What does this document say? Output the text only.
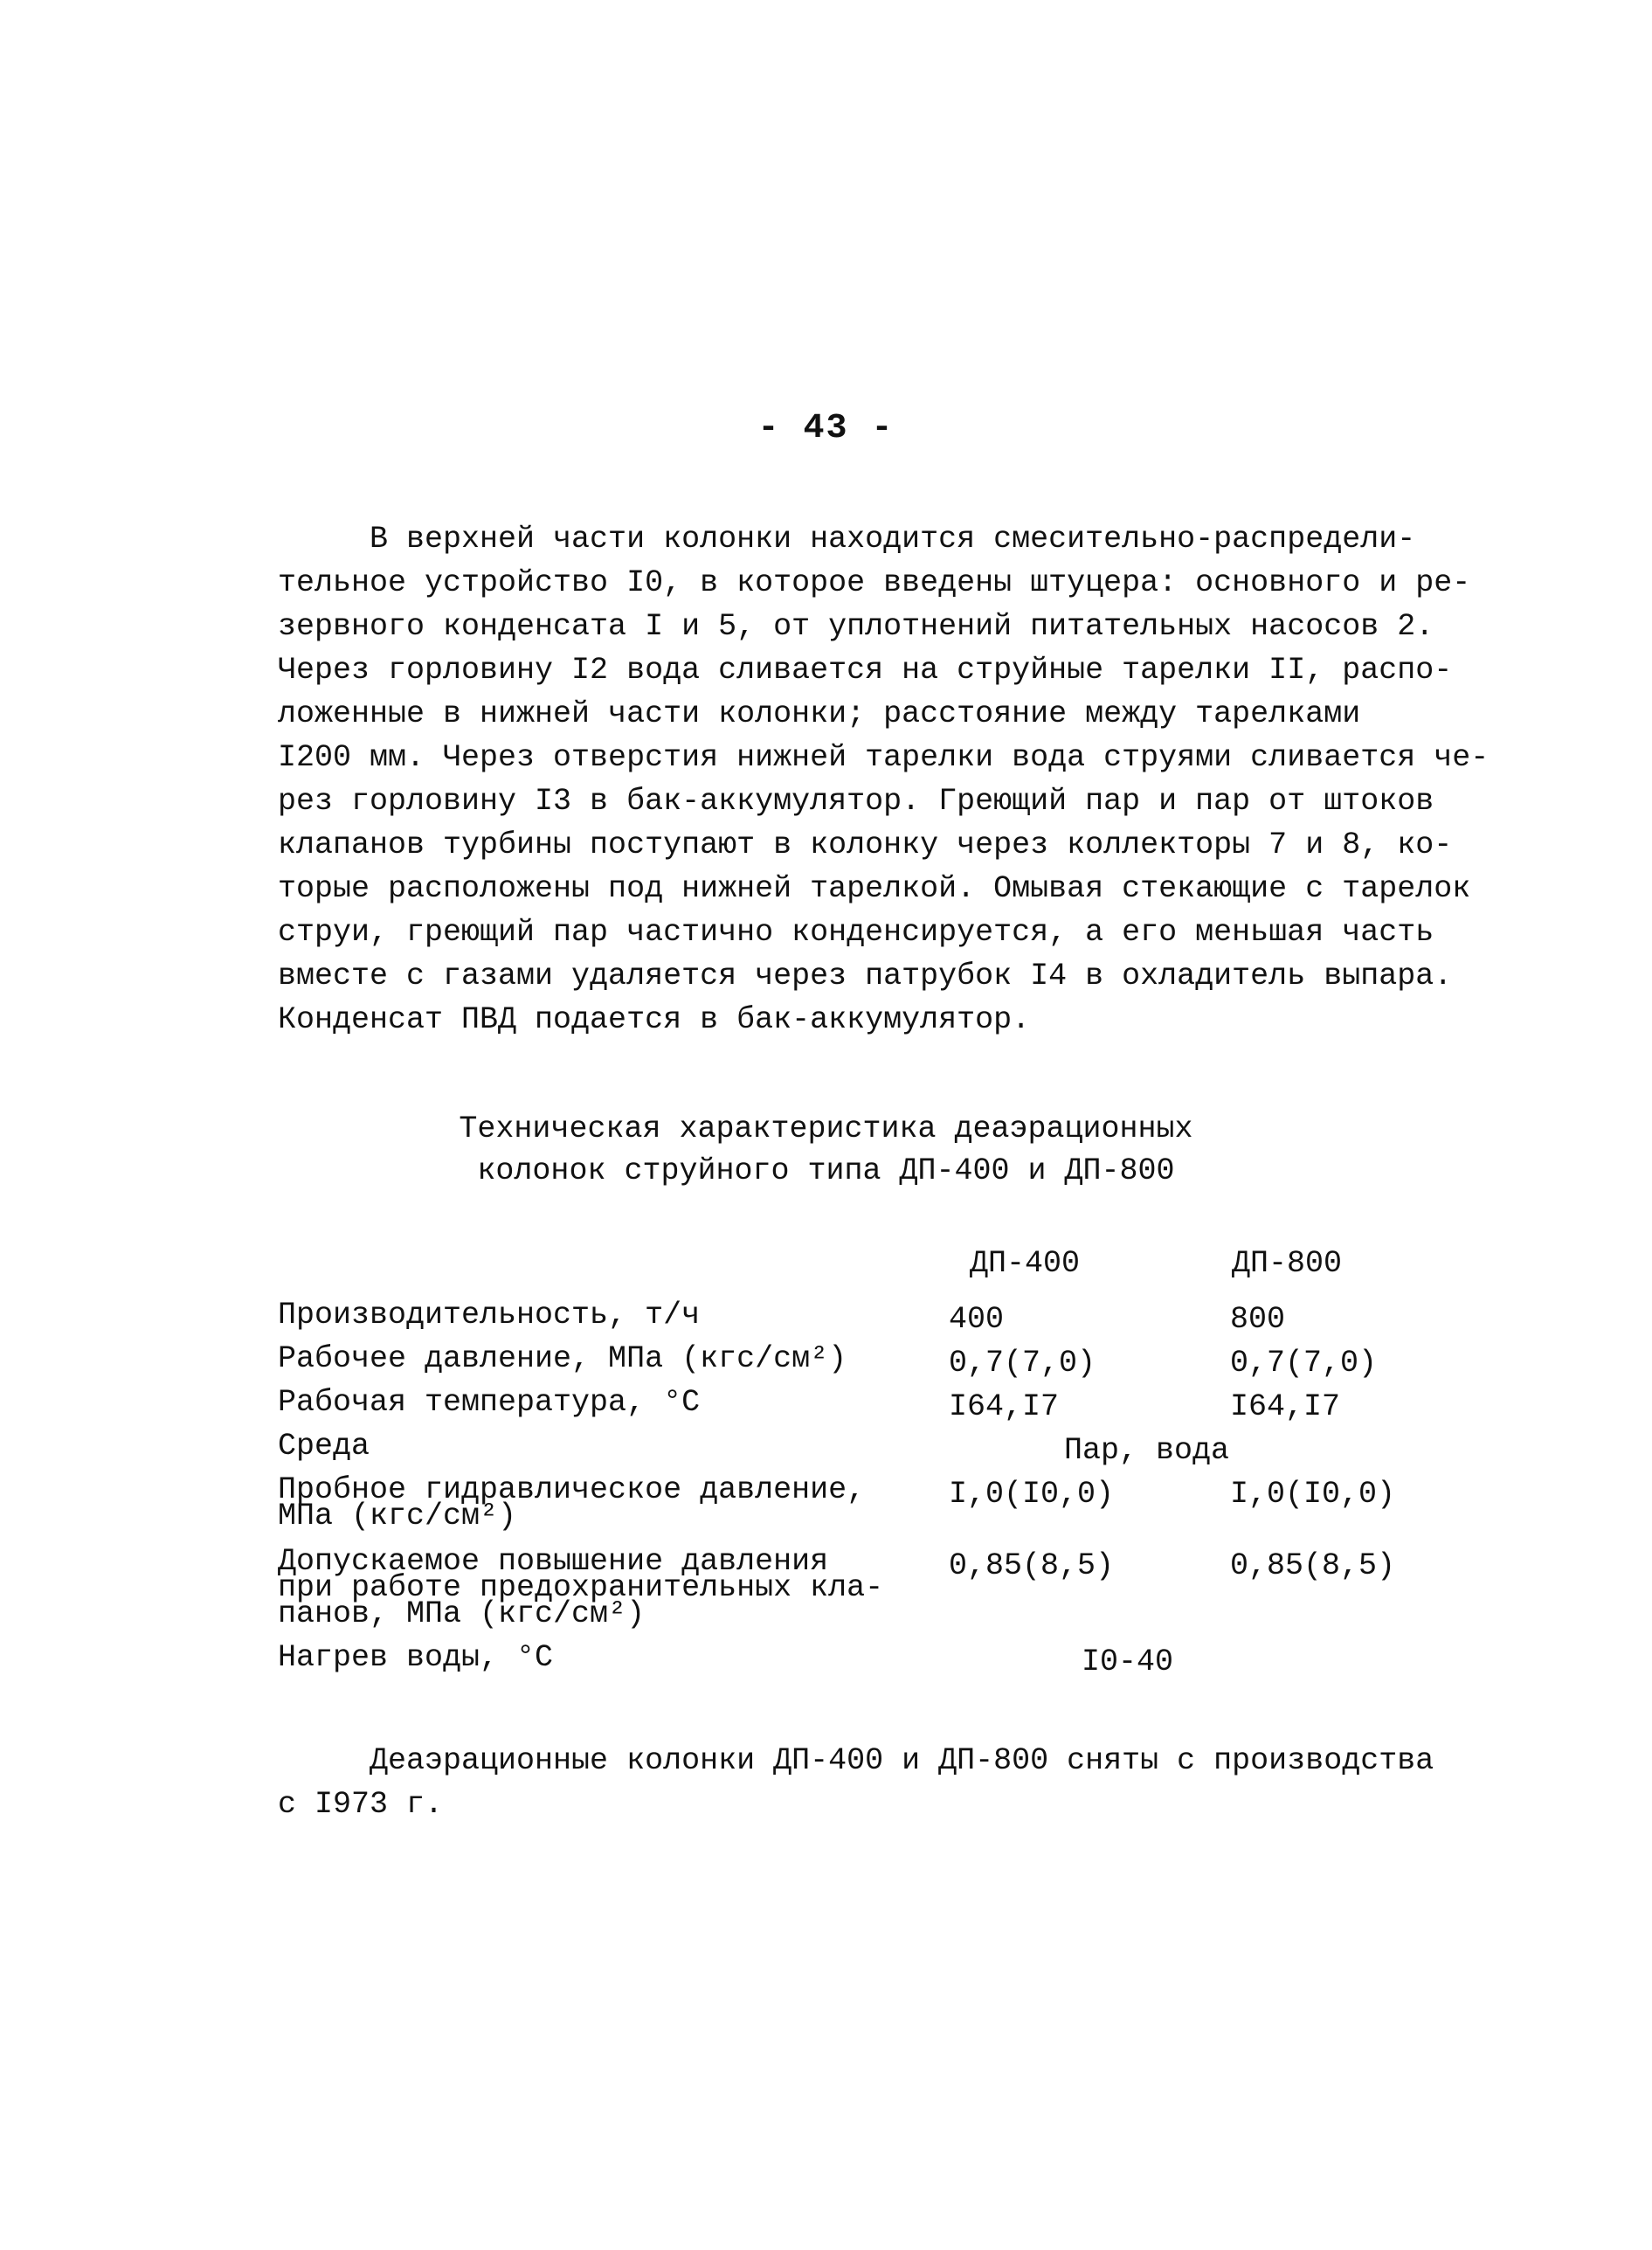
- 43 -
В верхней части колонки находится смесительно-распредели-
тельное устройство I0, в которое введены штуцера: основного и ре-
зервного конденсата I и 5, от уплотнений питательных насосов 2.
Через горловину I2 вода сливается на струйные тарелки II, распо-
ложенные в нижней части колонки; расстояние между тарелками
I200 мм. Через отверстия нижней тарелки вода струями сливается че-
рез горловину I3 в бак-аккумулятор. Греющий пар и пар от штоков
клапанов турбины поступают в колонку через коллекторы 7 и 8, ко-
торые расположены под нижней тарелкой. Омывая стекающие с тарелок
струи, греющий пар частично конденсируется, а его меньшая часть
вместе с газами удаляется через патрубок I4 в охладитель выпара.
Конденсат ПВД подается в бак-аккумулятор.
Техническая характеристика деаэрационных
колонок струйного типа ДП-400 и ДП-800
ДП-400	ДП-800
Производительность, т/ч	400	800
Рабочее давление, МПа (кгс/см²)	0,7(7,0)	0,7(7,0)
Рабочая температура, °С	I64,I7	I64,I7
Среда	Пар, вода
Пробное гидравлическое давление,
МПа (кгс/см²)
I,0(I0,0)	I,0(I0,0)
Допускаемое повышение давления
при работе предохранительных кла-
панов, МПа (кгс/см²)
0,85(8,5)	0,85(8,5)
Нагрев воды, °С	I0-40
Деаэрационные колонки ДП-400 и ДП-800 сняты с производства
с I973 г.
